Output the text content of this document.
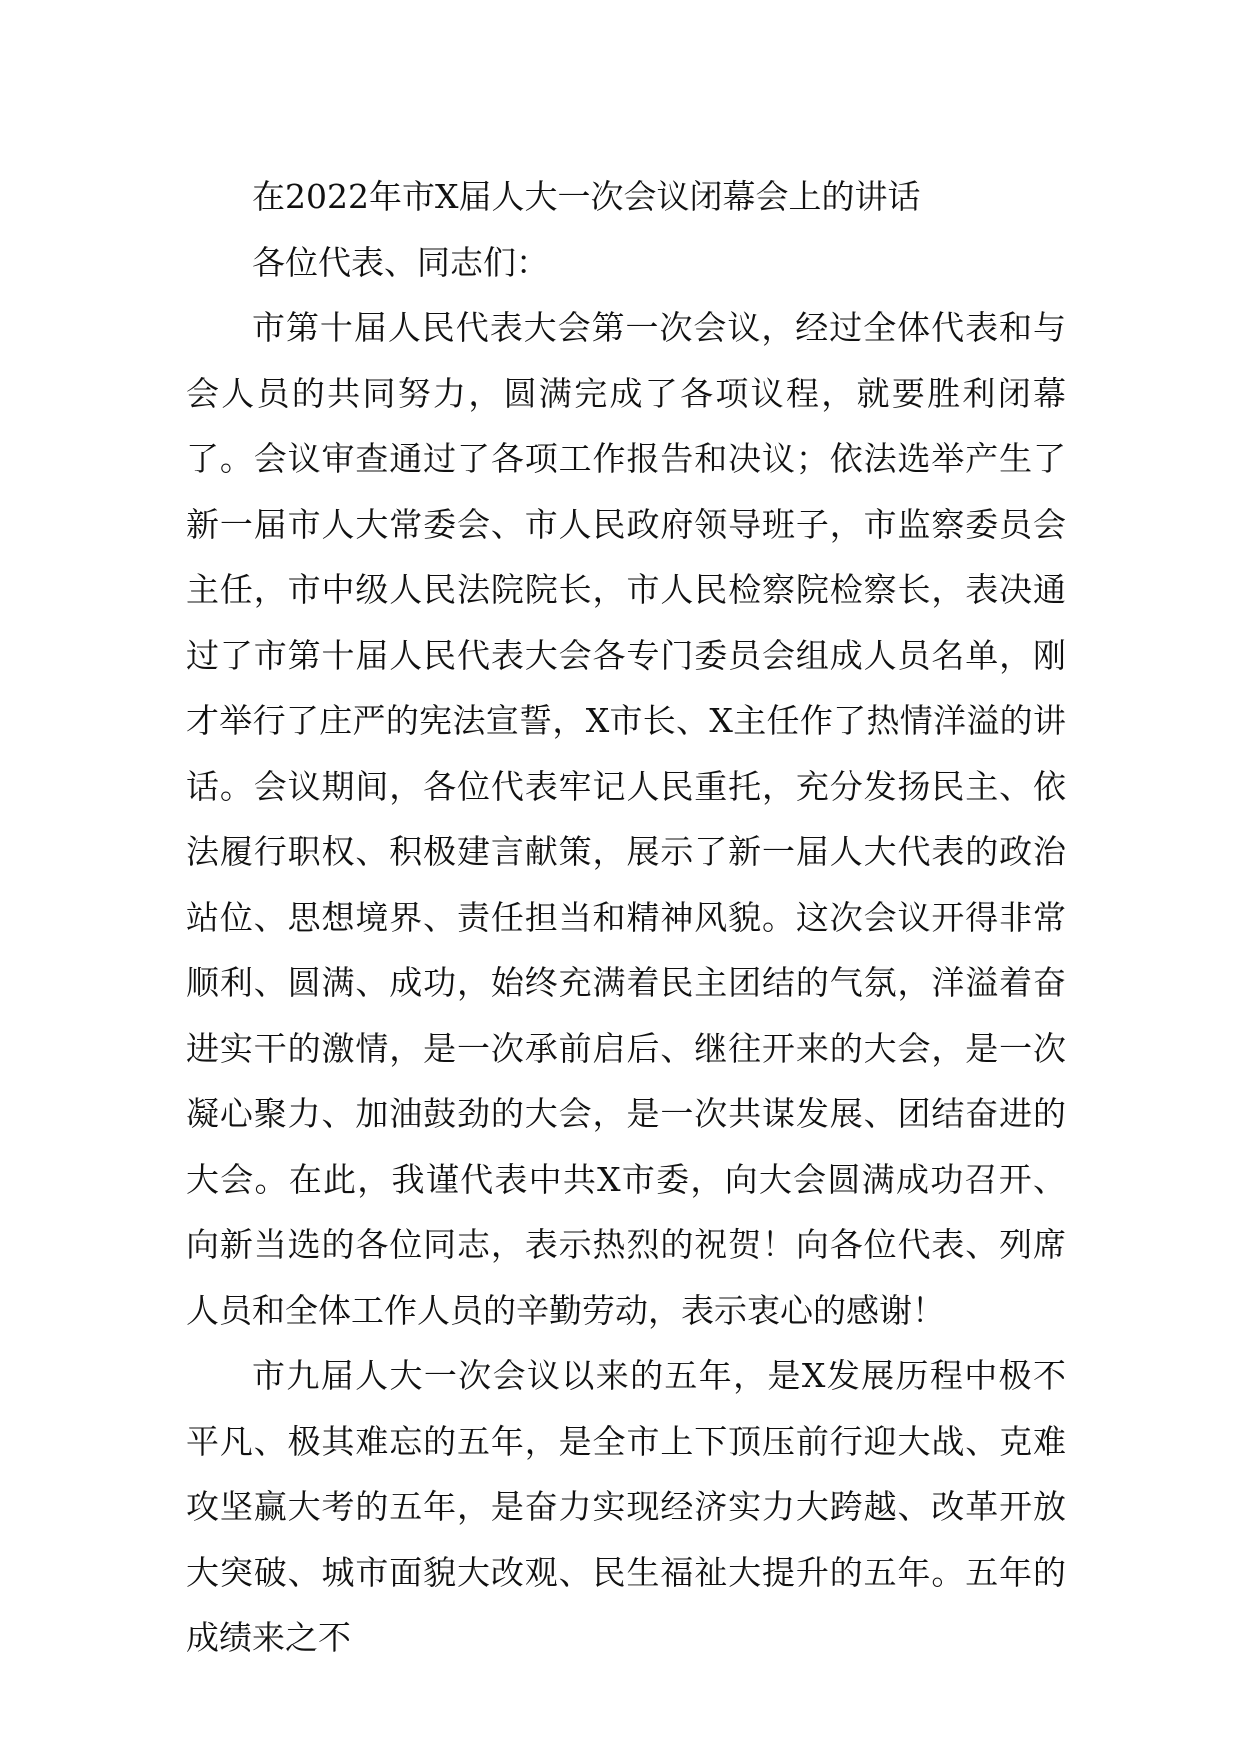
在2022年市X届人大一次会议闭幕会上的讲话

各位代表、同志们：

市第十届人民代表大会第一次会议，经过全体代表和与会人员的共同努力，圆满完成了各项议程，就要胜利闭幕了。会议审查通过了各项工作报告和决议；依法选举产生了新一届市人大常委会、市人民政府领导班子，市监察委员会主任，市中级人民法院院长，市人民检察院检察长，表决通过了市第十届人民代表大会各专门委员会组成人员名单，刚才举行了庄严的宪法宣誓，X市长、X主任作了热情洋溢的讲话。会议期间，各位代表牢记人民重托，充分发扬民主、依法履行职权、积极建言献策，展示了新一届人大代表的政治站位、思想境界、责任担当和精神风貌。这次会议开得非常顺利、圆满、成功，始终充满着民主团结的气氛，洋溢着奋进实干的激情，是一次承前启后、继往开来的大会，是一次凝心聚力、加油鼓劲的大会，是一次共谋发展、团结奋进的大会。在此，我谨代表中共X市委，向大会圆满成功召开、向新当选的各位同志，表示热烈的祝贺！向各位代表、列席人员和全体工作人员的辛勤劳动，表示衷心的感谢！

市九届人大一次会议以来的五年，是X发展历程中极不平凡、极其难忘的五年，是全市上下顶压前行迎大战、克难攻坚赢大考的五年，是奋力实现经济实力大跨越、改革开放大突破、城市面貌大改观、民生福祉大提升的五年。五年的成绩来之不
